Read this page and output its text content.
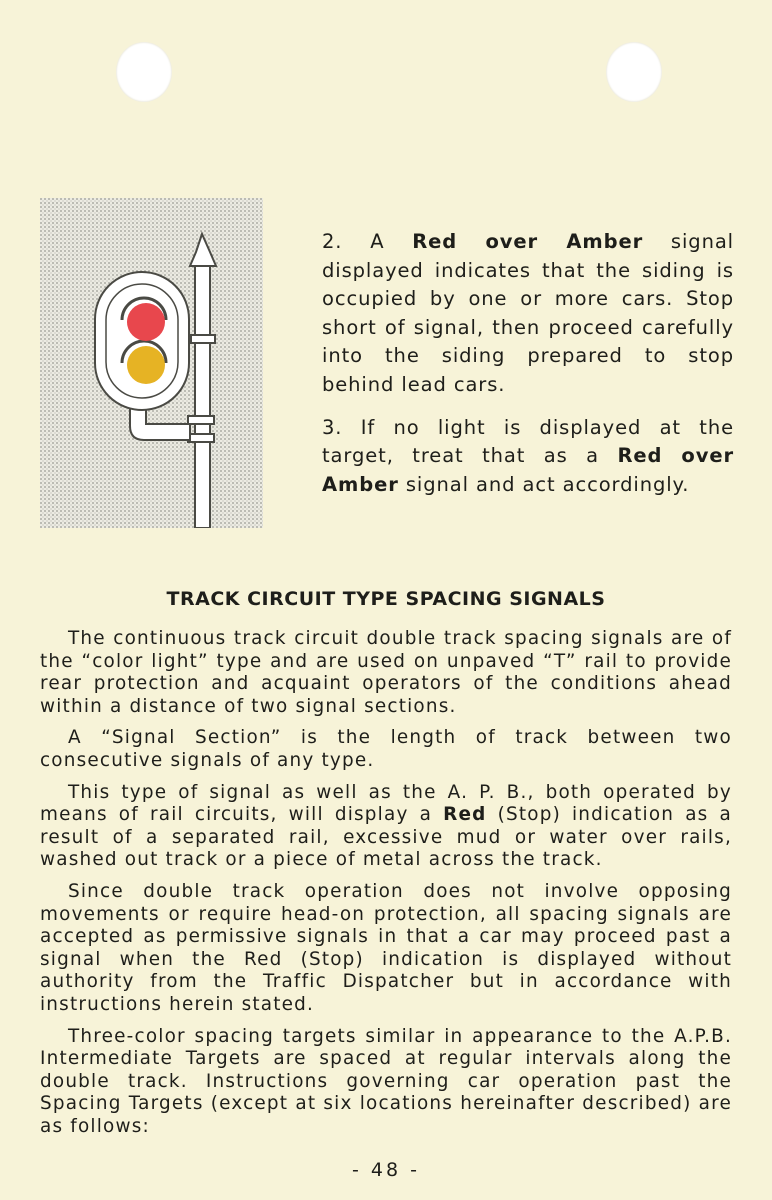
2. A Red over Amber signal displayed indicates that the siding is occupied by one or more cars. Stop short of signal, then proceed carefully into the siding prepared to stop behind lead cars.

3. If no light is displayed at the target, treat that as a Red over Amber signal and act accordingly.

TRACK CIRCUIT TYPE SPACING SIGNALS

The continuous track circuit double track spacing signals are of the “color light” type and are used on unpaved “T” rail to provide rear protection and acquaint operators of the conditions ahead within a distance of two signal sections.

A “Signal Section” is the length of track between two consecutive signals of any type.

This type of signal as well as the A. P. B., both operated by means of rail circuits, will display a Red (Stop) indication as a result of a separated rail, excessive mud or water over rails, washed out track or a piece of metal across the track.

Since double track operation does not involve opposing movements or require head-on protection, all spacing signals are accepted as permissive signals in that a car may proceed past a signal when the Red (Stop) indication is displayed without authority from the Traffic Dispatcher but in accordance with instructions herein stated.

Three-color spacing targets similar in appearance to the A.P.B. Intermediate Targets are spaced at regular intervals along the double track. Instructions governing car operation past the Spacing Targets (except at six locations hereinafter described) are as follows:

- 48 -
